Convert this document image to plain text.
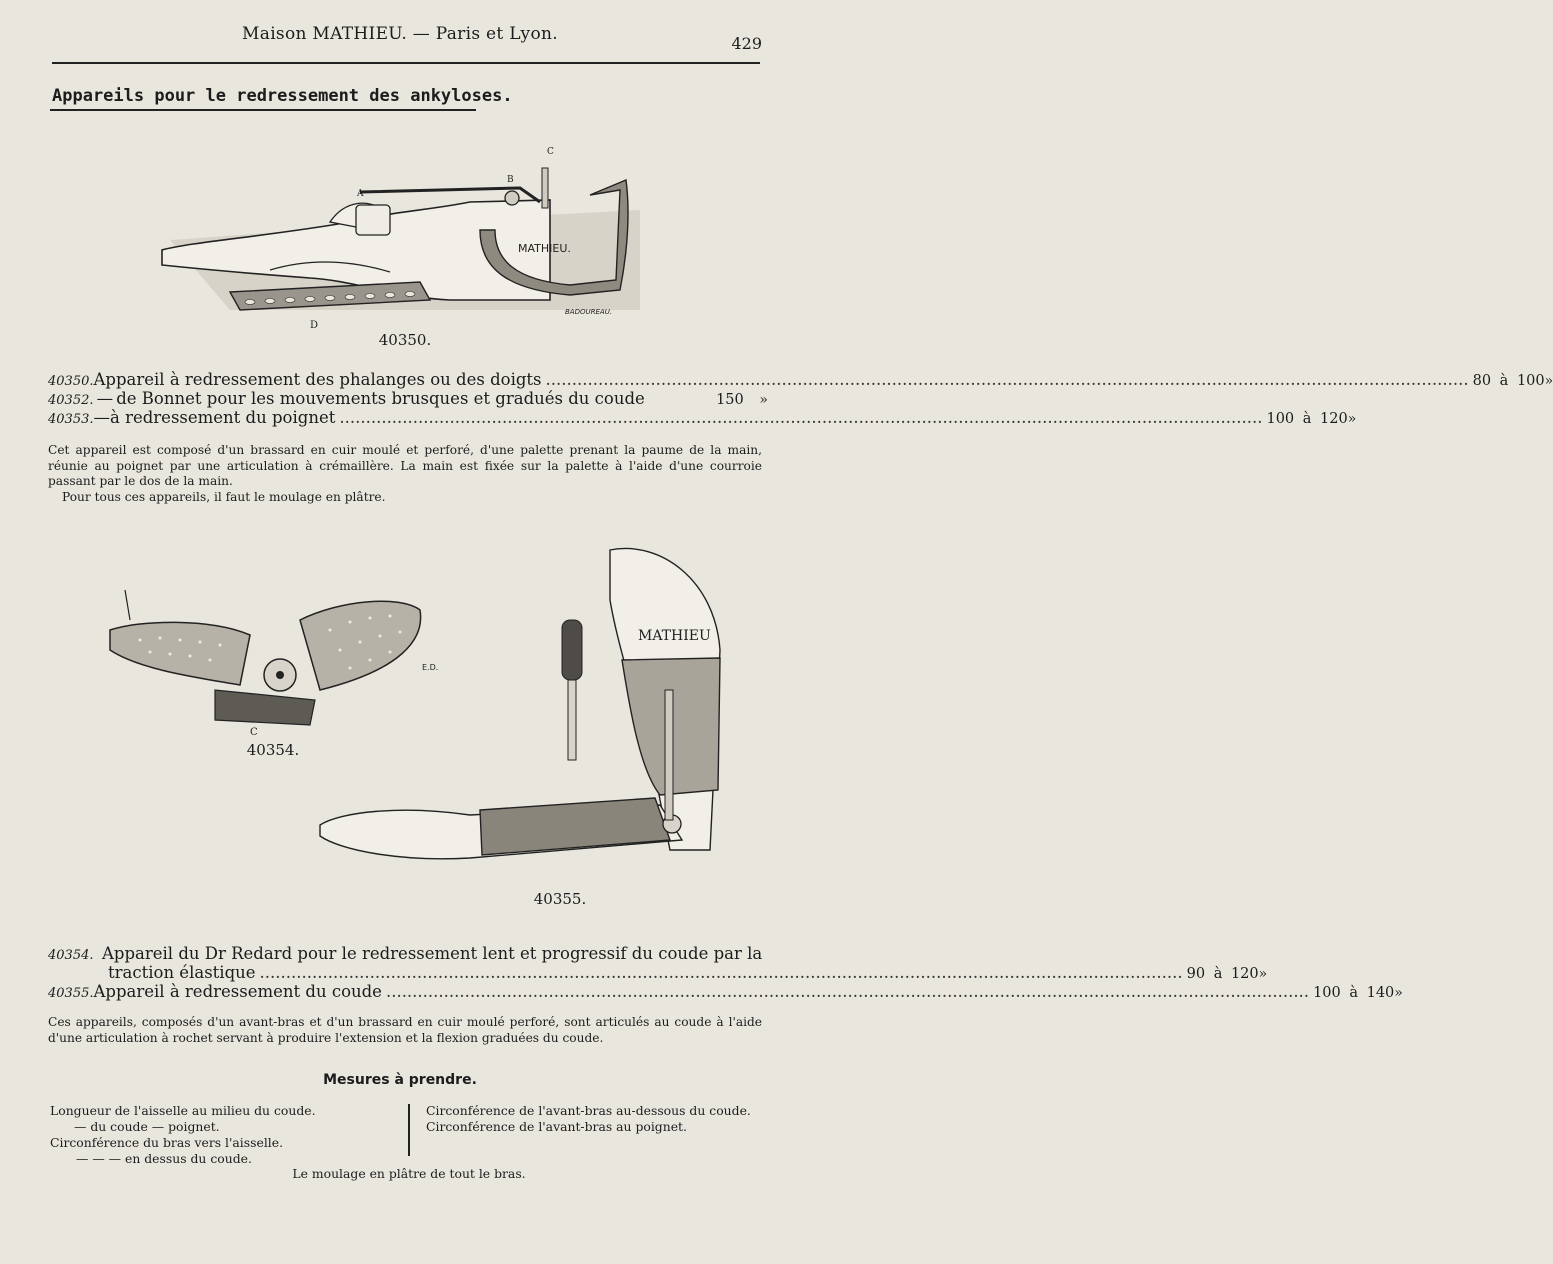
Maison MATHIEU. — Paris et Lyon.	429
Appareils pour le redressement des ankyloses.
MATHIEU.
A
B
C
D
BADOUREAU.
40350.
40350. Appareil à redressement des phalanges ou des doigts .....	80 à 100 »
40352. — de Bonnet pour les mouvements brusques et gradués du coude	150	»
40353. — à redressement du poignet .....	100 à 120 »
Cet appareil est composé d'un brassard en cuir moulé et perforé, d'une palette prenant la paume de la main, réunie au poignet par une articulation à crémaillère. La main est fixée sur la palette à l'aide d'une courroie passant par le dos de la main.
Pour tous ces appareils, il faut le moulage en plâtre.
C
E.D.
40354.
MATHIEU
40355.
40354. Appareil du Dr Redard pour le redressement lent et progressif du coude par la
traction élastique .....	90 à 120 »
40355. Appareil à redressement du coude .....	100 à 140 »
Ces appareils, composés d'un avant-bras et d'un brassard en cuir moulé perforé, sont articulés au coude à l'aide d'une articulation à rochet servant à produire l'extension et la flexion graduées du coude.
Mesures à prendre.
Longueur de l'aisselle au milieu du coude.
— du coude — poignet.
Circonférence du bras vers l'aisselle.
— — — en dessus du coude.
Circonférence de l'avant-bras au-dessous du coude.
Circonférence de l'avant-bras au poignet.
Le moulage en plâtre de tout le bras.
